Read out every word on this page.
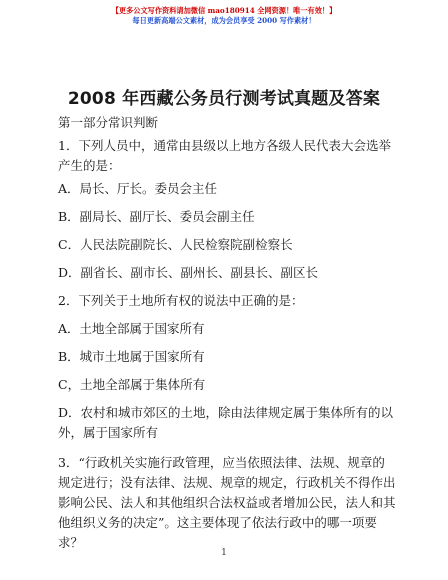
【更多公文写作资料请加微信 mao180914 全网资源！唯一有效！】
每日更新高端公文素材，成为会员享受 2000 写作素材！
2008 年西藏公务员行测考试真题及答案

第一部分常识判断

1．下列人员中，通常由县级以上地方各级人民代表大会选举产生的是：

A．局长、厅长。委员会主任

B．副局长、副厅长、委员会副主任

C．人民法院副院长、人民检察院副检察长

D．副省长、副市长、副州长、副县长、副区长

2．下列关于土地所有权的说法中正确的是：

A．土地全部属于国家所有

B．城市土地属于国家所有

C，土地全部属于集体所有

D．农村和城市郊区的土地，除由法律规定属于集体所有的以外，属于国家所有

3．“行政机关实施行政管理，应当依照法律、法规、规章的规定进行；没有法律、法规、规章的规定，行政机关不得作出影响公民、法人和其他组织合法权益或者增加公民，法人和其他组织义务的决定”。这主要体现了依法行政中的哪一项要求？

1
